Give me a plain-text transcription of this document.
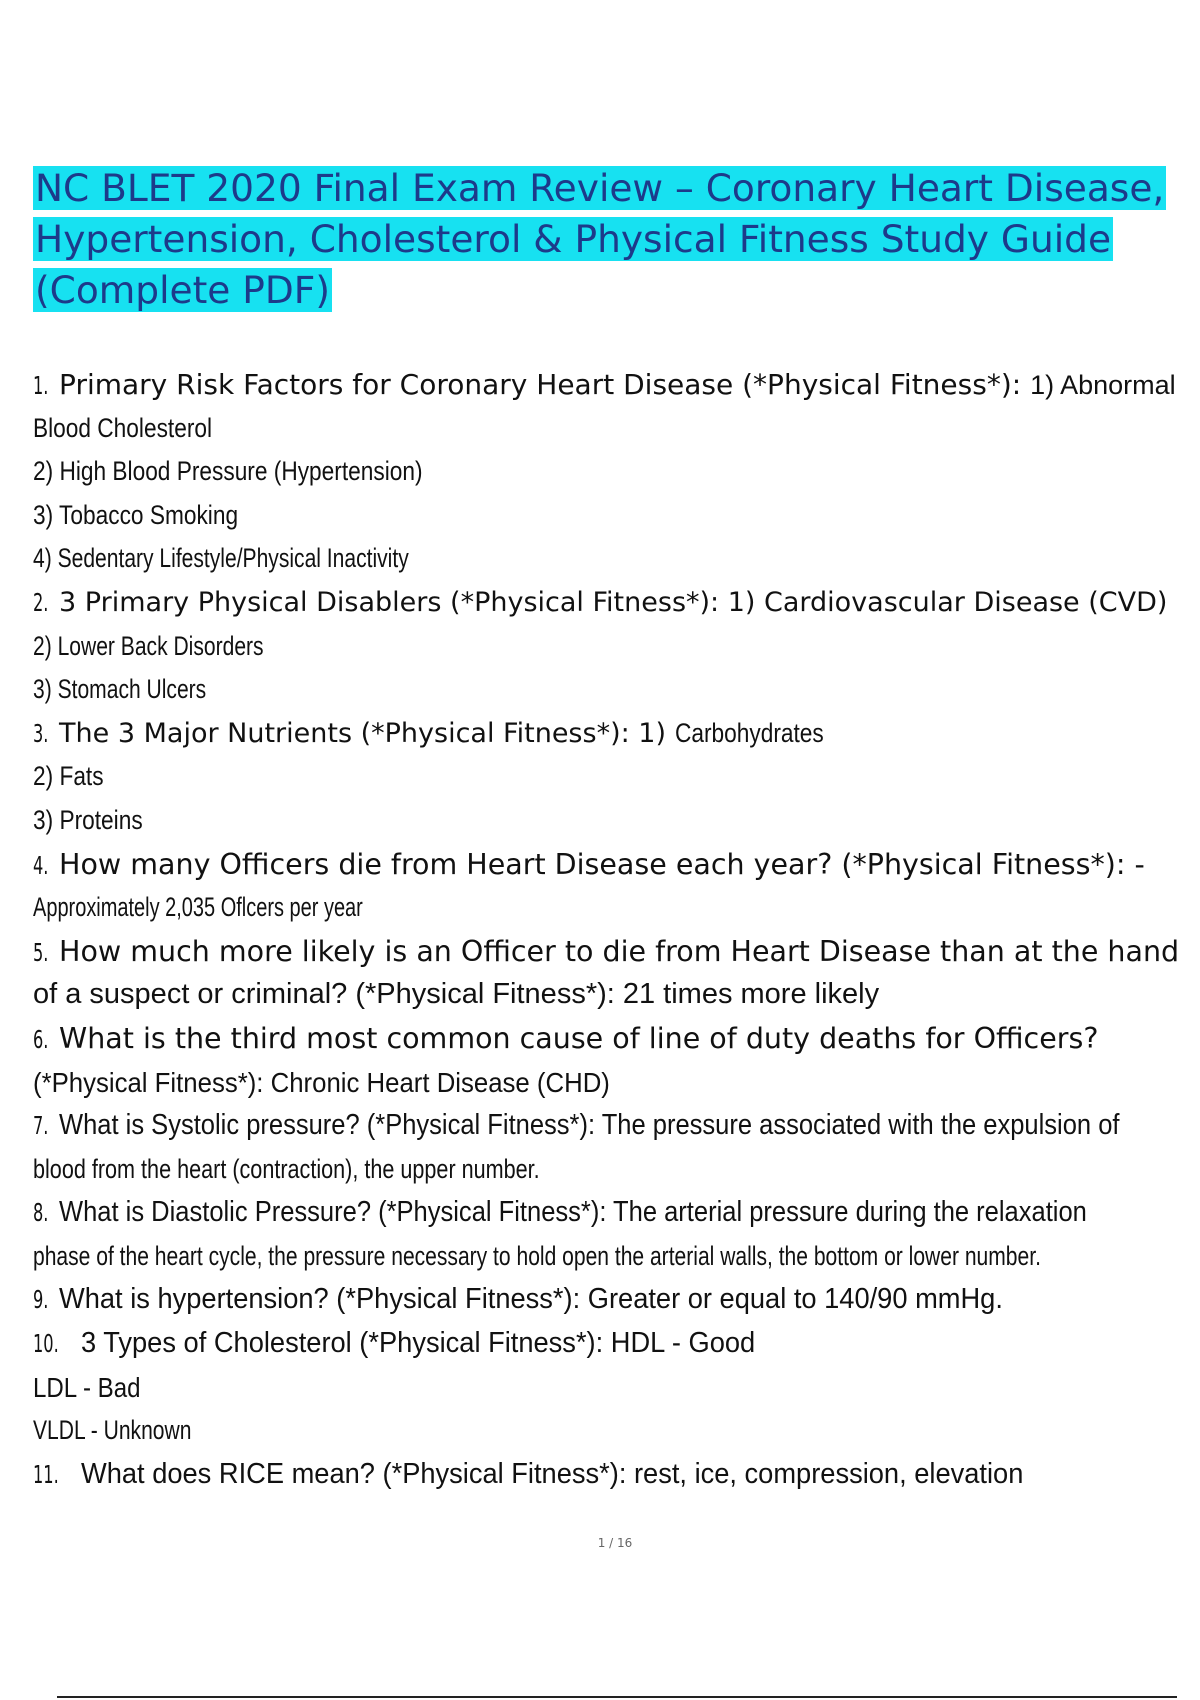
NC BLET 2020 Final Exam Review – Coronary Heart Disease,
Hypertension, Cholesterol & Physical Fitness Study Guide
(Complete PDF)
1. Primary Risk Factors for Coronary Heart Disease (*Physical Fitness*): 1) Abnormal
Blood Cholesterol
2) High Blood Pressure (Hypertension)
3) Tobacco Smoking
4) Sedentary Lifestyle/Physical Inactivity
2. 3 Primary Physical Disablers (*Physical Fitness*): 1) Cardiovascular Disease (CVD)
2) Lower Back Disorders
3) Stomach Ulcers
3. The 3 Major Nutrients (*Physical Fitness*): 1) Carbohydrates
2) Fats
3) Proteins
4. How many Officers die from Heart Disease each year? (*Physical Fitness*): -
Approximately 2,035 Oflcers per year
5. How much more likely is an Officer to die from Heart Disease than at the hand
of a suspect or criminal? (*Physical Fitness*): 21 times more likely
6. What is the third most common cause of line of duty deaths for Officers?
(*Physical Fitness*): Chronic Heart Disease (CHD)
7. What is Systolic pressure? (*Physical Fitness*): The pressure associated with the expulsion of
blood from the heart (contraction), the upper number.
8. What is Diastolic Pressure? (*Physical Fitness*): The arterial pressure during the relaxation
phase of the heart cycle, the pressure necessary to hold open the arterial walls, the bottom or lower number.
9. What is hypertension? (*Physical Fitness*): Greater or equal to 140/90 mmHg.
10. 3 Types of Cholesterol (*Physical Fitness*): HDL - Good
LDL - Bad
VLDL - Unknown
11. What does RICE mean? (*Physical Fitness*): rest, ice, compression, elevation
1 / 16
